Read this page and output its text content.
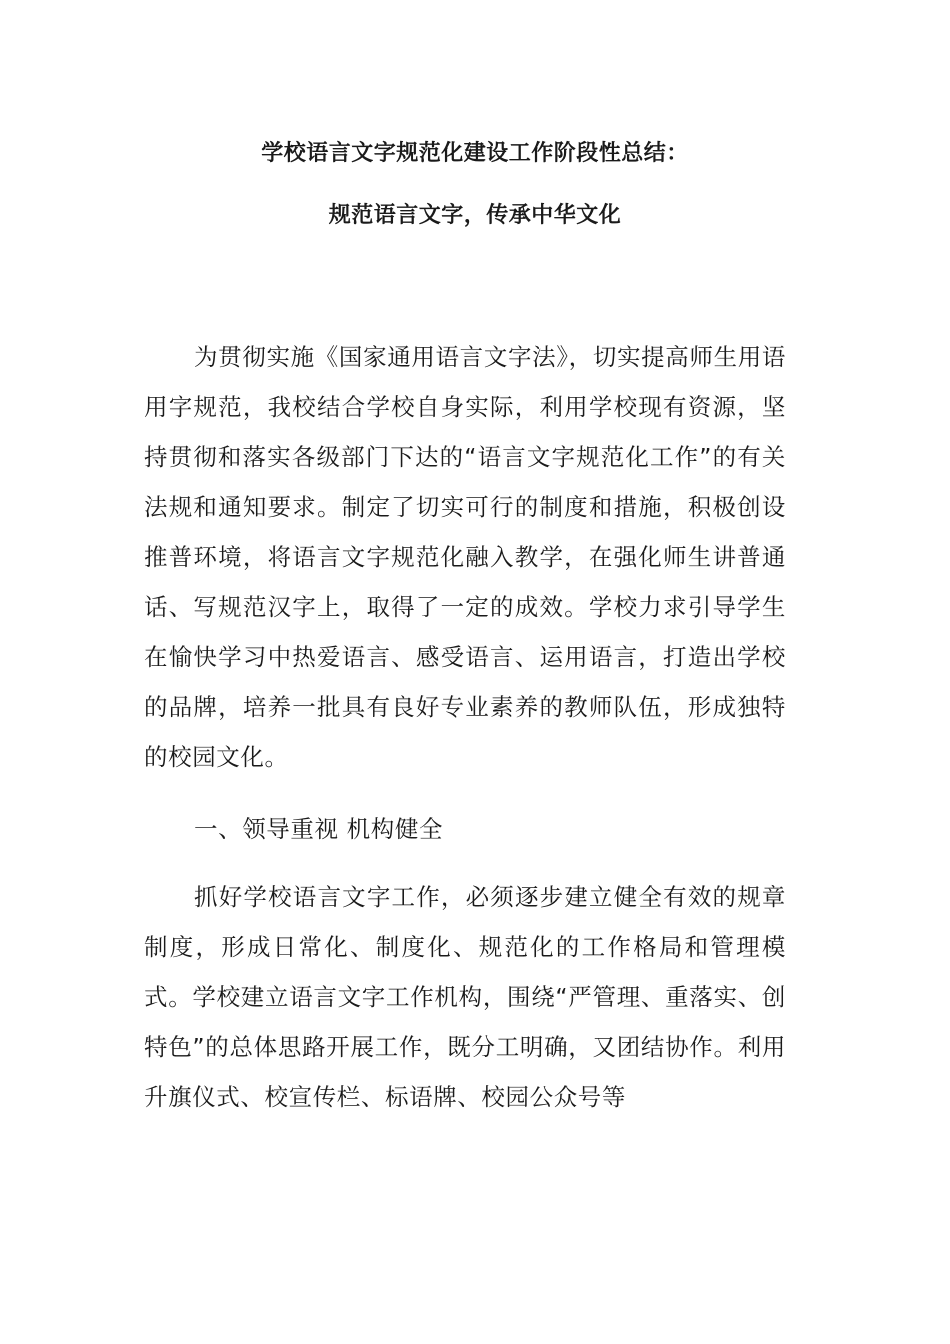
学校语言文字规范化建设工作阶段性总结：
规范语言文字，传承中华文化

为贯彻实施《国家通用语言文字法》，切实提高师生用语用字规范，我校结合学校自身实际，利用学校现有资源，坚持贯彻和落实各级部门下达的“语言文字规范化工作”的有关法规和通知要求。制定了切实可行的制度和措施，积极创设推普环境，将语言文字规范化融入教学，在强化师生讲普通话、写规范汉字上，取得了一定的成效。学校力求引导学生在愉快学习中热爱语言、感受语言、运用语言，打造出学校的品牌，培养一批具有良好专业素养的教师队伍，形成独特的校园文化。

一、领导重视 机构健全

抓好学校语言文字工作，必须逐步建立健全有效的规章制度，形成日常化、制度化、规范化的工作格局和管理模式。学校建立语言文字工作机构，围绕“严管理、重落实、创特色”的总体思路开展工作，既分工明确，又团结协作。利用升旗仪式、校宣传栏、标语牌、校园公众号等
